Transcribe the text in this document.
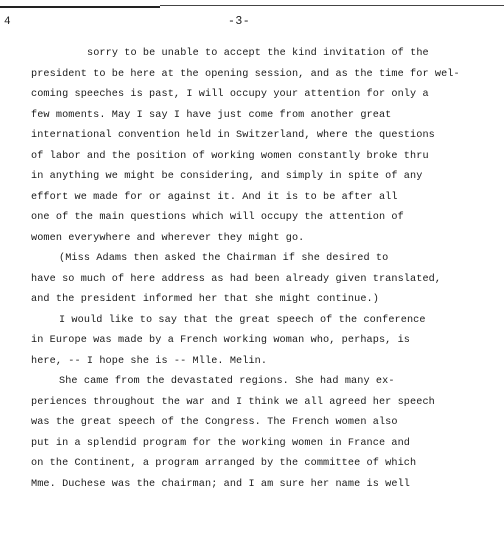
4	-3-
sorry to be unable to accept the kind invitation of the
president to be here at the opening session, and as the time for wel-
coming speeches is past, I will occupy your attention for only a
few moments. May I say I have just come from another great
international convention held in Switzerland, where the questions
of labor and the position of working women constantly broke thru
in anything we might be considering, and simply in spite of any
effort we made for or against it. And it is to be after all
one of the main questions which will occupy the attention of
women everywhere and wherever they might go.
(Miss Adams then asked the Chairman if she desired to
have so much of here address as had been already given translated,
and the president informed her that she might continue.)
I would like to say that the great speech of the conference
in Europe was made by a French working woman who, perhaps, is
here, -- I hope she is -- Mlle. Melin.
She came from the devastated regions. She had many ex-
periences throughout the war and I think we all agreed her speech
was the great speech of the Congress. The French women also
put in a splendid program for the working women in France and
on the Continent, a program arranged by the committee of which
Mme. Duchese was the chairman; and I am sure her name is well
